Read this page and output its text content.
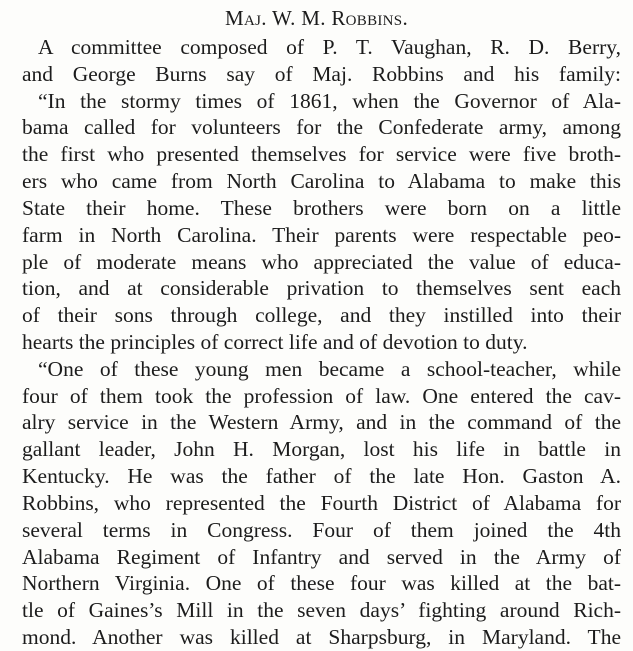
Maj. W. M. Robbins.
A committee composed of P. T. Vaughan, R. D. Berry,
and George Burns say of Maj. Robbins and his family:
“In the stormy times of 1861, when the Governor of Ala-
bama called for volunteers for the Confederate army, among
the first who presented themselves for service were five broth-
ers who came from North Carolina to Alabama to make this
State their home. These brothers were born on a little
farm in North Carolina. Their parents were respectable peo-
ple of moderate means who appreciated the value of educa-
tion, and at considerable privation to themselves sent each
of their sons through college, and they instilled into their
hearts the principles of correct life and of devotion to duty.
“One of these young men became a school-teacher, while
four of them took the profession of law. One entered the cav-
alry service in the Western Army, and in the command of the
gallant leader, John H. Morgan, lost his life in battle in
Kentucky. He was the father of the late Hon. Gaston A.
Robbins, who represented the Fourth District of Alabama for
several terms in Congress. Four of them joined the 4th
Alabama Regiment of Infantry and served in the Army of
Northern Virginia. One of these four was killed at the bat-
tle of Gaines’s Mill in the seven days’ fighting around Rich-
mond. Another was killed at Sharpsburg, in Maryland. The
